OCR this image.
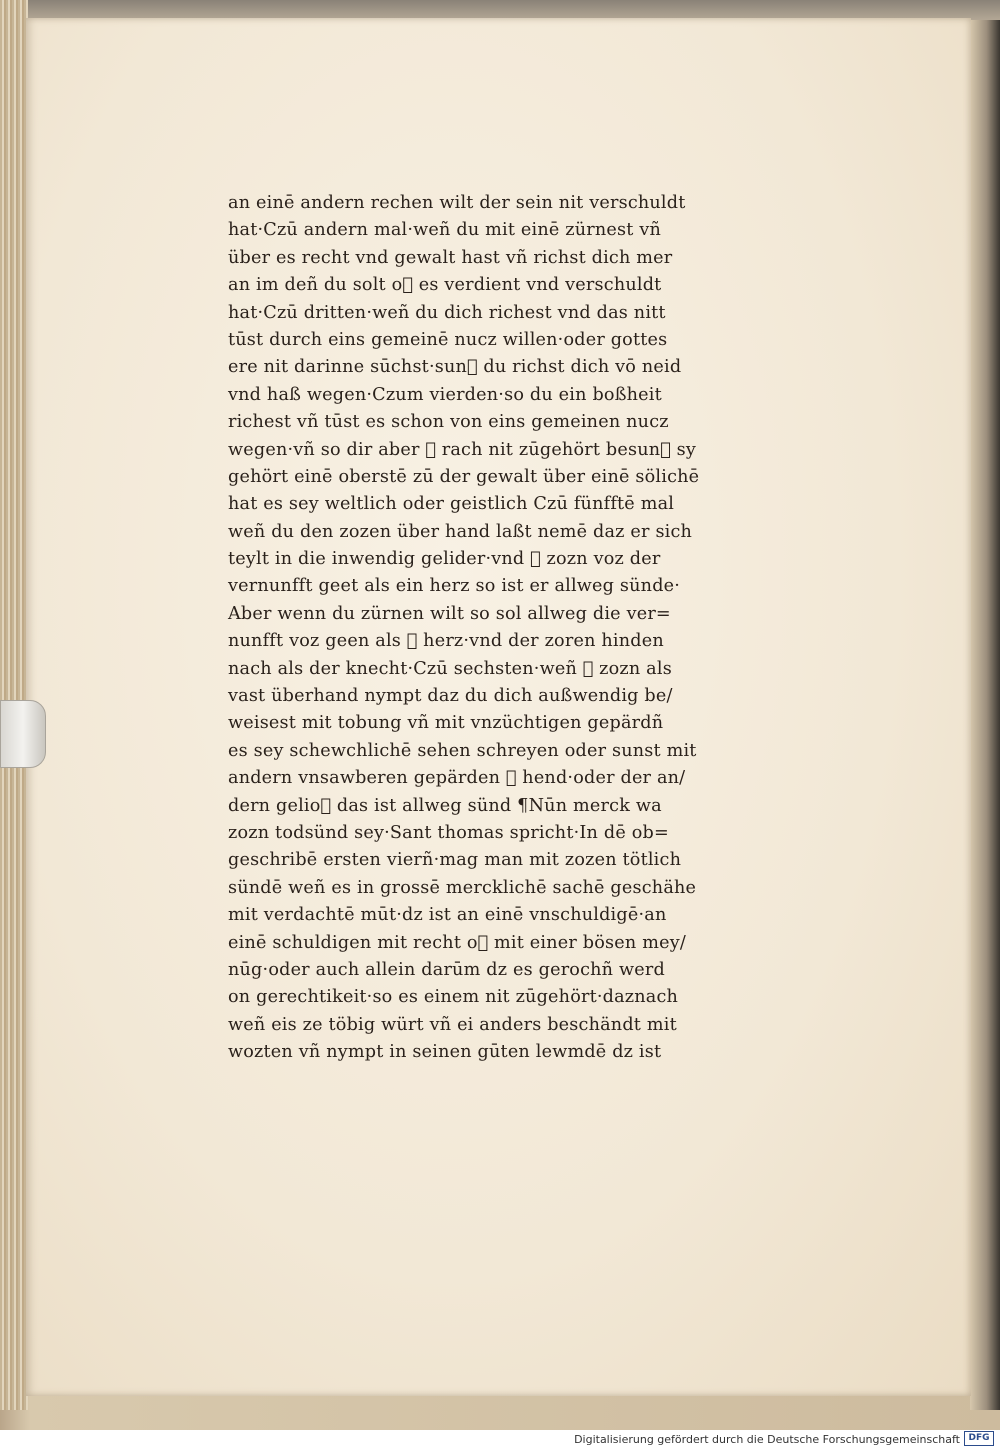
an einē andern rechen wilt der sein nit verschuldt
hat·Czū andern mal·weñ du mit einē zürnest vñ
über es recht vnd gewalt hast vñ richst dich mer
an im deñ du solt oᷣ es verdient vnd verschuldt
hat·Czū dritten·weñ du dich richest vnd das nitt
tūst durch eins gemeinē nucz willen·oder gottes
ere nit darinne sūchst·sunᷣ du richst dich vō neid
vnd haß wegen·Czum vierden·so du ein boßheit
richest vñ tūst es schon von eins gemeinen nucz
wegen·vñ so dir aber ᷣ rach nit zūgehört besunᷣ sy
gehört einē oberstē zū der gewalt über einē sölichē
hat es sey weltlich oder geistlich Czū fünfftē mal
weñ du den zozen über hand laßt nemē daz er sich
teylt in die inwendig gelider·vnd ᷣ zozn voz der
vernunfft geet als ein herz so ist er allweg sünde·
Aber wenn du zürnen wilt so sol allweg die ver=
nunfft voz geen als ᷣ herz·vnd der zoren hinden
nach als der knecht·Czū sechsten·weñ ᷣ zozn als
vast überhand nympt daz du dich außwendig be/
weisest mit tobung vñ mit vnzüchtigen gepärdñ
es sey schewchlichē sehen schreyen oder sunst mit
andern vnsawberen gepärden ᷣ hend·oder der an/
dern gelioᷣ das ist allweg sünd ¶Nūn merck wa
zozn todsünd sey·Sant thomas spricht·In dē ob=
geschribē ersten vierñ·mag man mit zozen tötlich
sündē weñ es in grossē mercklichē sachē geschähe
mit verdachtē mūt·dz ist an einē vnschuldigē·an
einē schuldigen mit recht oᷣ mit einer bösen mey/
nūg·oder auch allein darūm dz es gerochñ werd
on gerechtikeit·so es einem nit zūgehört·daznach
weñ eis ze töbig würt vñ ei anders beschändt mit
wozten vñ nympt in seinen gūten lewmdē dz ist
Digitalisierung gefördert durch die Deutsche Forschungsgemeinschaft DFG
